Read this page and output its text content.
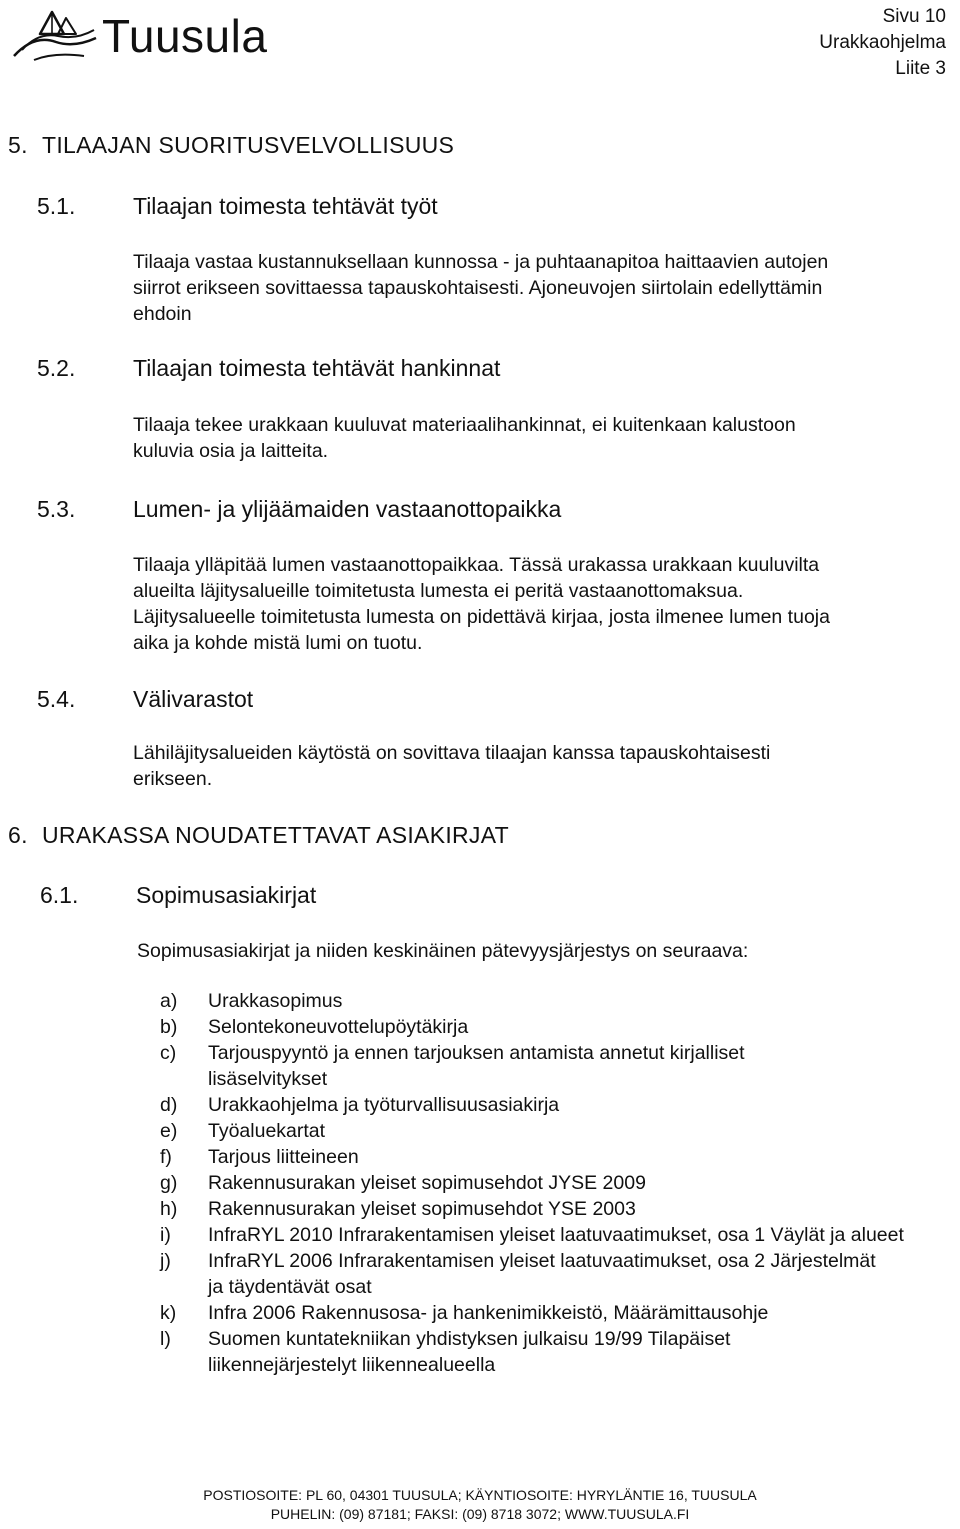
Tuusula	Sivu 10
Urakkaohjelma
Liite 3
5. TILAAJAN SUORITUSVELVOLLISUUS
5.1.	Tilaajan toimesta tehtävät työt

Tilaaja vastaa kustannuksellaan kunnossa - ja puhtaanapitoa haittaavien autojen

siirrot erikseen sovittaessa tapauskohtaisesti. Ajoneuvojen siirtolain edellyttämin

ehdoin

5.2.	Tilaajan toimesta tehtävät hankinnat

Tilaaja tekee urakkaan kuuluvat materiaalihankinnat, ei kuitenkaan kalustoon

kuluvia osia ja laitteita.

5.3.	Lumen- ja ylijäämaiden vastaanottopaikka

Tilaaja ylläpitää lumen vastaanottopaikkaa. Tässä urakassa urakkaan kuuluvilta

alueilta läjitysalueille toimitetusta lumesta ei peritä vastaanottomaksua.

Läjitysalueelle toimitetusta lumesta on pidettävä kirjaa, josta ilmenee lumen tuoja

aika ja kohde mistä lumi on tuotu.

5.4.	Välivarastot

Lähiläjitysalueiden käytöstä on sovittava tilaajan kanssa tapauskohtaisesti

erikseen.

6. URAKASSA NOUDATETTAVAT ASIAKIRJAT
6.1.	Sopimusasiakirjat

Sopimusasiakirjat ja niiden keskinäinen pätevyysjärjestys on seuraava:

a) Urakkasopimus
b) Selontekoneuvottelupöytäkirja
c) Tarjouspyyntö ja ennen tarjouksen antamista annetut kirjalliset lisäselvitykset
d) Urakkaohjelma ja työturvallisuusasiakirja
e) Työaluekartat
f) Tarjous liitteineen
g) Rakennusurakan yleiset sopimusehdot JYSE 2009
h) Rakennusurakan yleiset sopimusehdot YSE 2003
i) InfraRYL 2010 Infrarakentamisen yleiset laatuvaatimukset, osa 1 Väylät ja alueet
j) InfraRYL 2006 Infrarakentamisen yleiset laatuvaatimukset, osa 2 Järjestelmät ja täydentävät osat
k) Infra 2006 Rakennusosa- ja hankenimikkeistö, Määrämittausohje
l) Suomen kuntatekniikan yhdistyksen julkaisu 19/99 Tilapäiset liikennejärjestelyt liikennealueella

POSTIOSOITE: PL 60, 04301 TUUSULA; KÄYNTIOSOITE: HYRYLÄNTIE 16, TUUSULA

PUHELIN: (09) 87181; FAKSI: (09) 8718 3072; WWW.TUUSULA.FI
